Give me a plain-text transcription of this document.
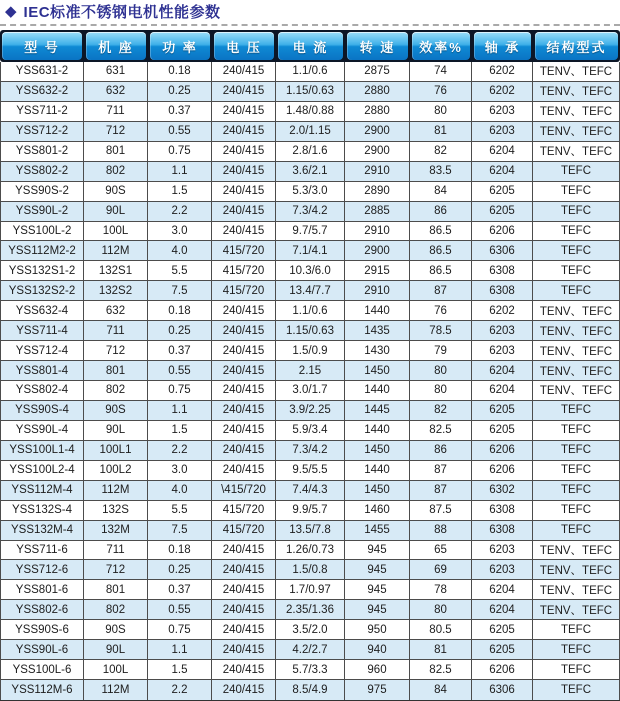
◆ IEC标准不锈钢电机性能参数
型 号	机 座	功 率	电 压	电 流	转 速	效率%	轴 承	结构型式
YSS631-2	631	0.18	240/415	1.1/0.6	2875	74	6202	TENV、TEFC
YSS632-2	632	0.25	240/415	1.15/0.63	2880	76	6202	TENV、TEFC
YSS711-2	711	0.37	240/415	1.48/0.88	2880	80	6203	TENV、TEFC
YSS712-2	712	0.55	240/415	2.0/1.15	2900	81	6203	TENV、TEFC
YSS801-2	801	0.75	240/415	2.8/1.6	2900	82	6204	TENV、TEFC
YSS802-2	802	1.1	240/415	3.6/2.1	2910	83.5	6204	TEFC
YSS90S-2	90S	1.5	240/415	5.3/3.0	2890	84	6205	TEFC
YSS90L-2	90L	2.2	240/415	7.3/4.2	2885	86	6205	TEFC
YSS100L-2	100L	3.0	240/415	9.7/5.7	2910	86.5	6206	TEFC
YSS112M2-2	112M	4.0	415/720	7.1/4.1	2900	86.5	6306	TEFC
YSS132S1-2	132S1	5.5	415/720	10.3/6.0	2915	86.5	6308	TEFC
YSS132S2-2	132S2	7.5	415/720	13.4/7.7	2910	87	6308	TEFC
YSS632-4	632	0.18	240/415	1.1/0.6	1440	76	6202	TENV、TEFC
YSS711-4	711	0.25	240/415	1.15/0.63	1435	78.5	6203	TENV、TEFC
YSS712-4	712	0.37	240/415	1.5/0.9	1430	79	6203	TENV、TEFC
YSS801-4	801	0.55	240/415	2.15	1450	80	6204	TENV、TEFC
YSS802-4	802	0.75	240/415	3.0/1.7	1440	80	6204	TENV、TEFC
YSS90S-4	90S	1.1	240/415	3.9/2.25	1445	82	6205	TEFC
YSS90L-4	90L	1.5	240/415	5.9/3.4	1440	82.5	6205	TEFC
YSS100L1-4	100L1	2.2	240/415	7.3/4.2	1450	86	6206	TEFC
YSS100L2-4	100L2	3.0	240/415	9.5/5.5	1440	87	6206	TEFC
YSS112M-4	112M	4.0	\415/720	7.4/4.3	1450	87	6302	TEFC
YSS132S-4	132S	5.5	415/720	9.9/5.7	1460	87.5	6308	TEFC
YSS132M-4	132M	7.5	415/720	13.5/7.8	1455	88	6308	TEFC
YSS711-6	711	0.18	240/415	1.26/0.73	945	65	6203	TENV、TEFC
YSS712-6	712	0.25	240/415	1.5/0.8	945	69	6203	TENV、TEFC
YSS801-6	801	0.37	240/415	1.7/0.97	945	78	6204	TENV、TEFC
YSS802-6	802	0.55	240/415	2.35/1.36	945	80	6204	TENV、TEFC
YSS90S-6	90S	0.75	240/415	3.5/2.0	950	80.5	6205	TEFC
YSS90L-6	90L	1.1	240/415	4.2/2.7	940	81	6205	TEFC
YSS100L-6	100L	1.5	240/415	5.7/3.3	960	82.5	6206	TEFC
YSS112M-6	112M	2.2	240/415	8.5/4.9	975	84	6306	TEFC
